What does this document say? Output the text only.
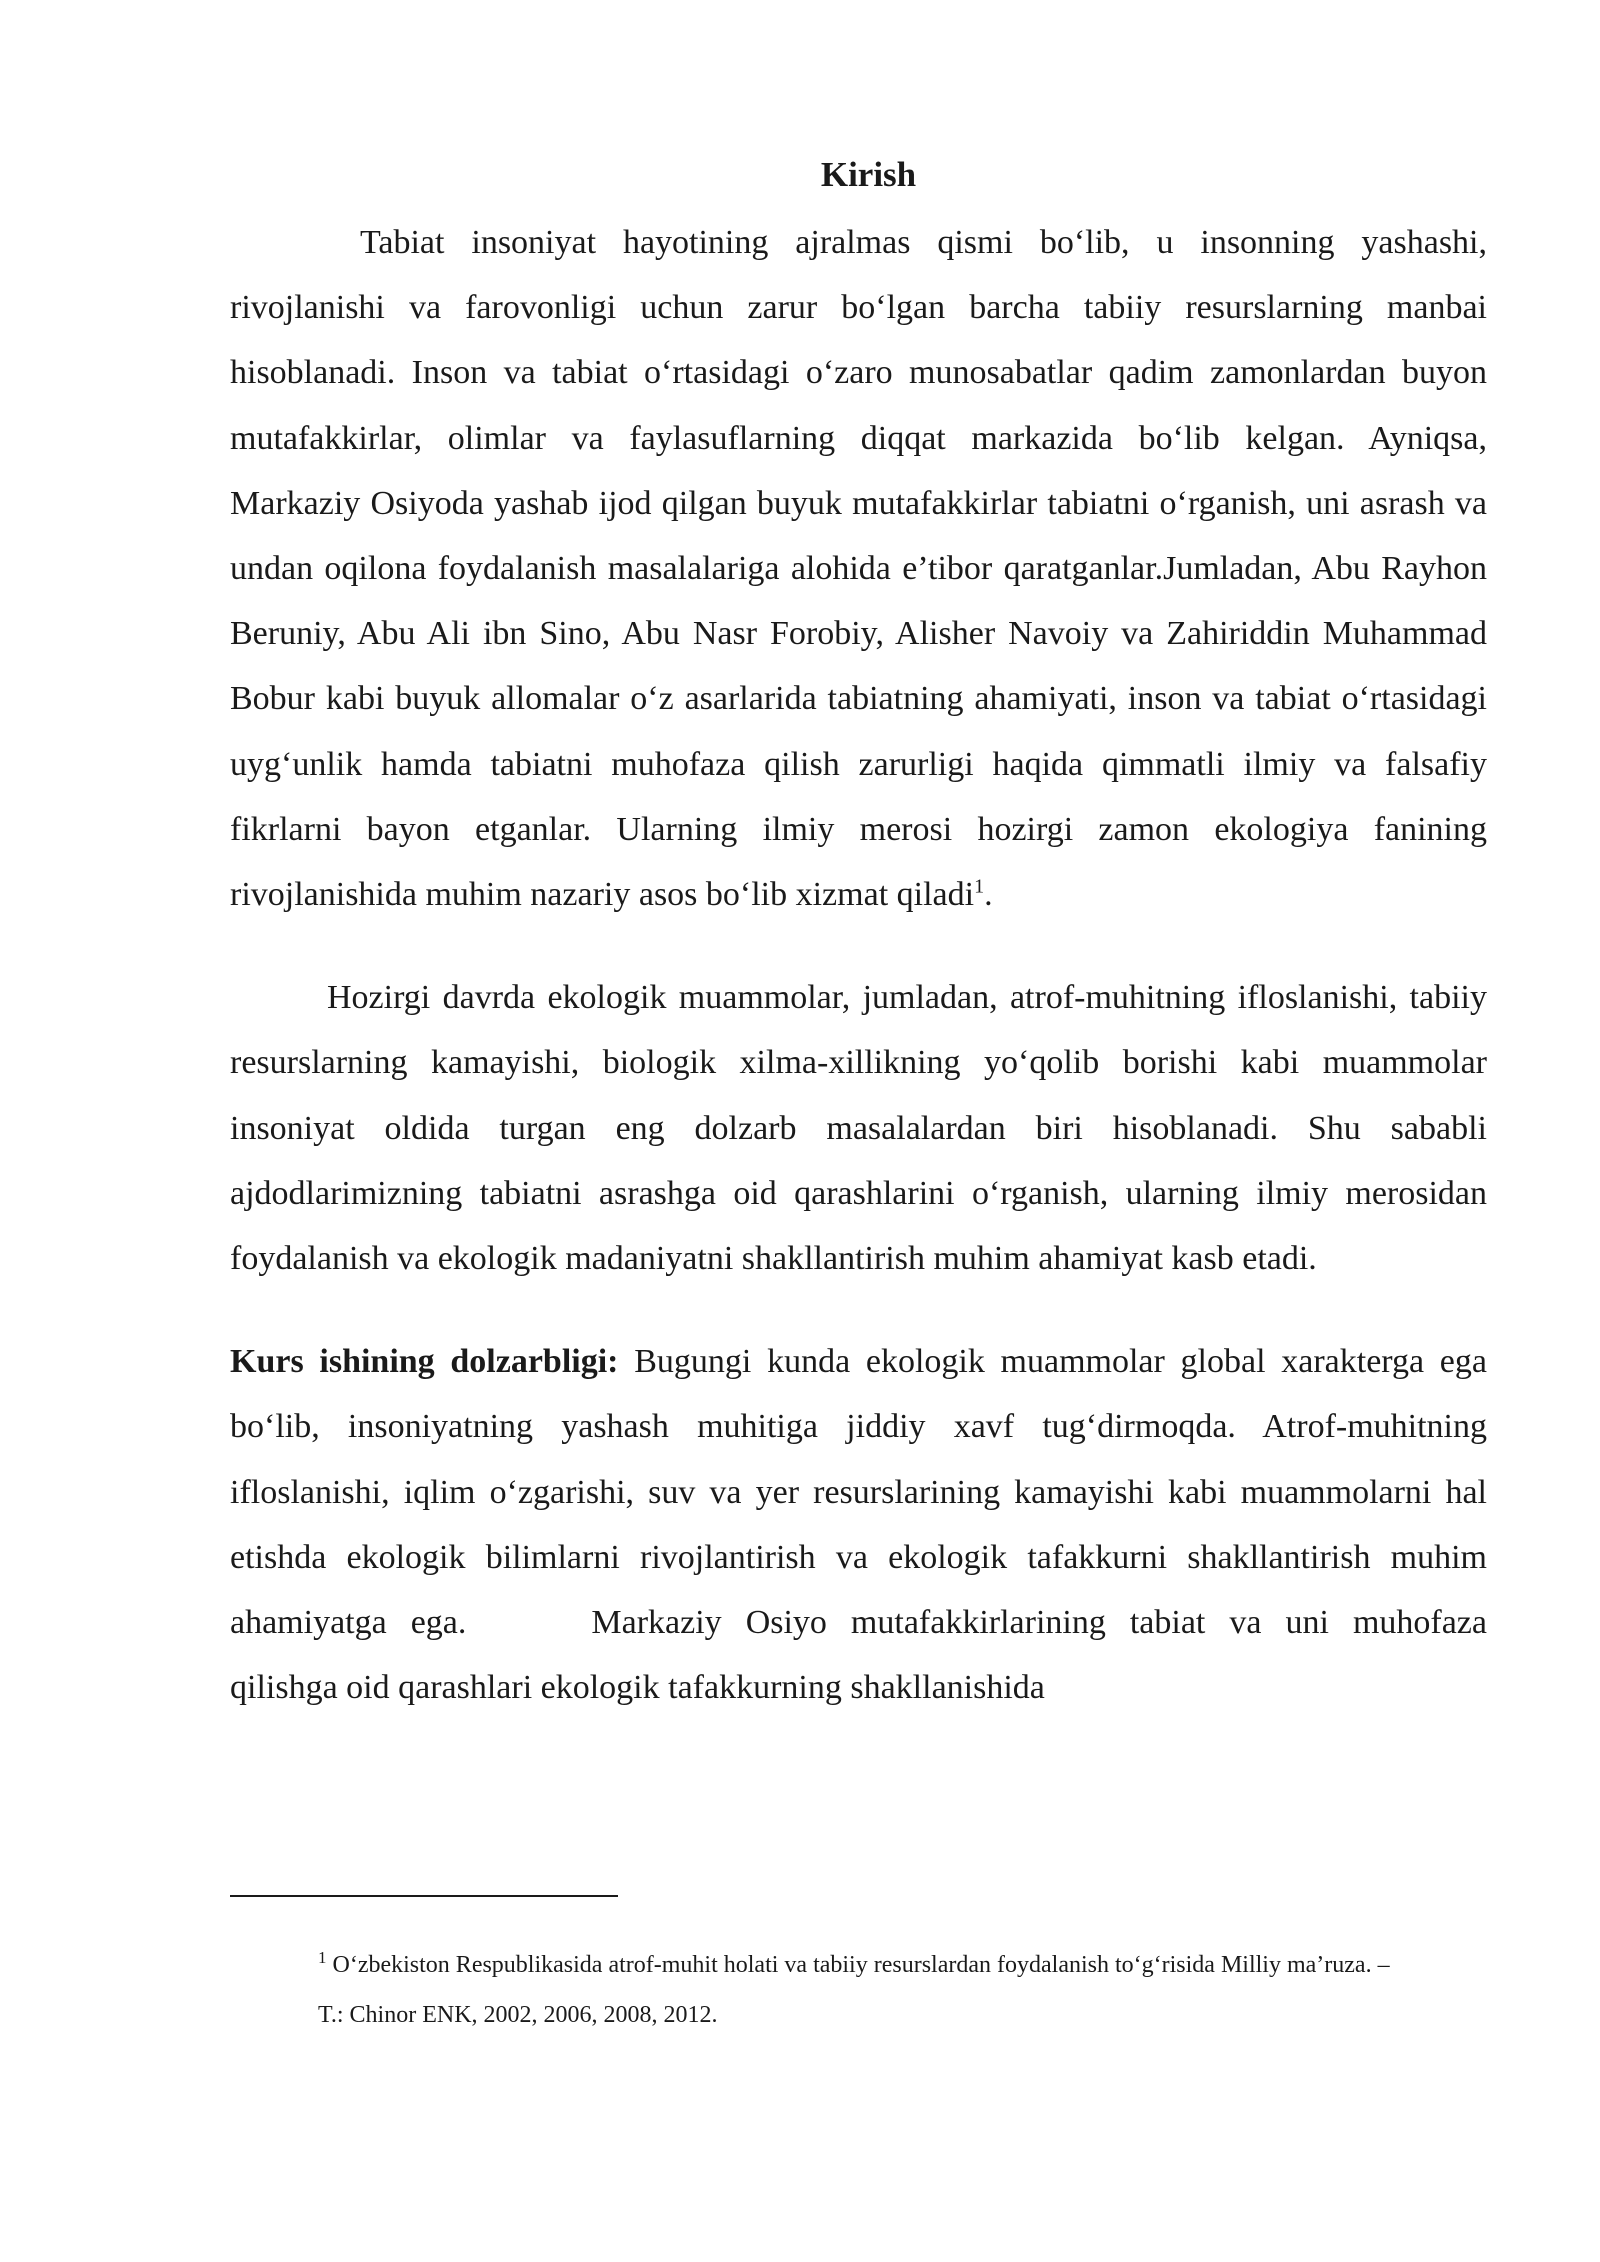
Kirish

Tabiat insoniyat hayotining ajralmas qismi bo‘lib, u insonning yashashi, rivojlanishi va farovonligi uchun zarur bo‘lgan barcha tabiiy resurslarning manbai hisoblanadi. Inson va tabiat o‘rtasidagi o‘zaro munosabatlar qadim zamonlardan buyon mutafakkirlar, olimlar va faylasuflarning diqqat markazida bo‘lib kelgan. Ayniqsa, Markaziy Osiyoda yashab ijod qilgan buyuk mutafakkirlar tabiatni o‘rganish, uni asrash va undan oqilona foydalanish masalalariga alohida e’tibor qaratganlar.Jumladan, Abu Rayhon Beruniy, Abu Ali ibn Sino, Abu Nasr Forobiy, Alisher Navoiy va Zahiriddin Muhammad Bobur kabi buyuk allomalar o‘z asarlarida tabiatning ahamiyati, inson va tabiat o‘rtasidagi uyg‘unlik hamda tabiatni muhofaza qilish zarurligi haqida qimmatli ilmiy va falsafiy fikrlarni bayon etganlar. Ularning ilmiy merosi hozirgi zamon ekologiya fanining rivojlanishida muhim nazariy asos bo‘lib xizmat qiladi$^1$.

Hozirgi davrda ekologik muammolar, jumladan, atrof-muhitning ifloslanishi, tabiiy resurslarning kamayishi, biologik xilma-xillikning yo‘qolib borishi kabi muammolar insoniyat oldida turgan eng dolzarb masalalardan biri hisoblanadi. Shu sababli ajdodlarimizning tabiatni asrashga oid qarashlarini o‘rganish, ularning ilmiy merosidan foydalanish va ekologik madaniyatni shakllantirish muhim ahamiyat kasb etadi.

Kurs ishining dolzarbligi: Bugungi kunda ekologik muammolar global xarakterga ega bo‘lib, insoniyatning yashash muhitiga jiddiy xavf tug‘dirmoqda. Atrof-muhitning ifloslanishi, iqlim o‘zgarishi, suv va yer resurslarining kamayishi kabi muammolarni hal etishda ekologik bilimlarni rivojlantirish va ekologik tafakkurni shakllantirish muhim ahamiyatga ega.	Markaziy Osiyo mutafakkirlarining tabiat va uni muhofaza qilishga oid qarashlari ekologik tafakkurning shakllanishida

$^1$ O‘zbekiston Respublikasida atrof-muhit holati va tabiiy resurslardan foydalanish to‘g‘risida Milliy ma’ruza. – T.: Chinor ENK, 2002, 2006, 2008, 2012.
